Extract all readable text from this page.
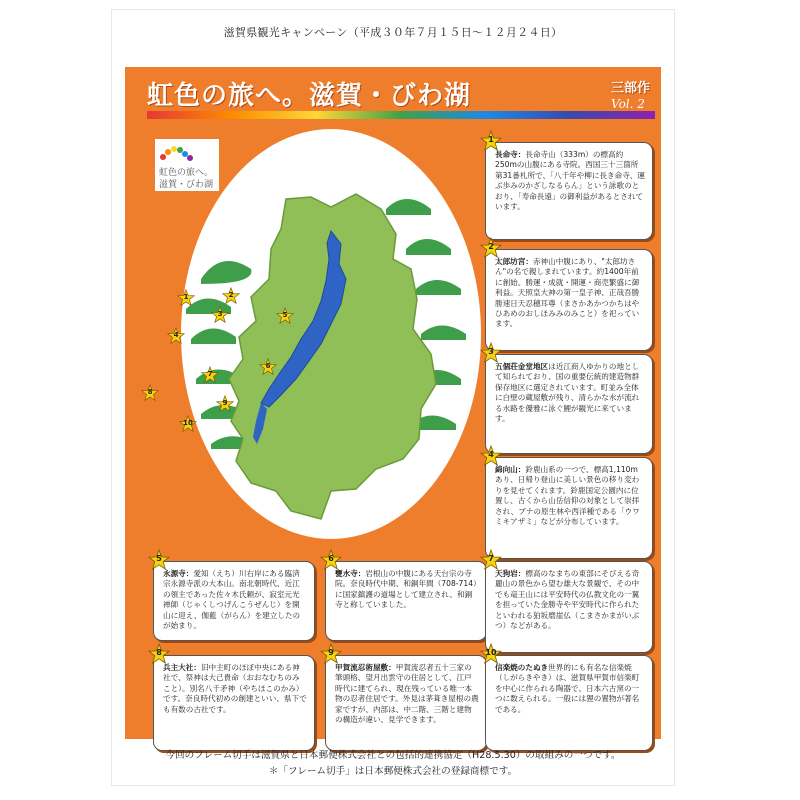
滋賀県観光キャンペーン（平成３０年７月１５日～１２月２４日）
虹色の旅へ。滋賀・びわ湖	三部作
Vol. 2
虹色の旅へ。
滋賀・びわ湖
1	2
3
4
5
6
7
8
9
10
長命寺：長命寺山（333m）の標高約250mの山腹にある寺院。西国三十三箇所第31番札所で、「八千年や柳に長き命寺、運ぶ歩みのかざしなるらん」という詠歌のとおり、「寿命長遠」の御利益があるとされています。
1
太郎坊宮：赤神山中腹にあり、"太郎坊さん"の名で親しまれています。約1400年前に創始。勝運・成就・開運・商売繁盛に御利益。天照皇大神の第一皇子神、正哉吾勝勝速日天忍穂耳尊（まさかあかつかちはやひあめのおしほみみのみこと）を祀っています。
2
五個荘金堂地区は近江商人ゆかりの地として知られており、国の重要伝統的建造物群保存地区に選定されています。町並み全体に白壁の蔵屋敷が残り、清らかな水が流れる水路を優雅に泳ぐ鯉が観光に来ています。
3
綿向山：鈴鹿山系の一つで、標高1,110mあり、日帰り登山に美しい景色の移り変わりを見せてくれます。鈴鹿国定公園内に位置し、古くから山岳信仰の対象として崇拝され、ブナの原生林や西洋種である「ウワミキアザミ」などが分布しています。
4
永源寺：愛知（えち）川右岸にある臨済宗永源寺派の大本山。南北朝時代、近江の領主であった佐々木氏頼が、寂室元光禅師（じゃくしつげんこうぜんじ）を開山に迎え、伽藍（がらん）を建立したのが始まり。
5
甕水寺：岩根山の中腹にある天台宗の寺院。奈良時代中期、和銅年間（708-714）に国家鎮護の道場として建立され、和銅寺と称していました。
6
天狗岩：標高のなまちの東部にそびえる奇麗山の景色から望む雄大な景観で、その中でも竜王山には平安時代の仏教文化の一翼を担っていた金勝寺や平安時代に作られたといわれる狛坂磨崖仏（こまさかまがいぶつ）などがある。
7
兵主大社：旧中主町のほぼ中央にある神社で、祭神は大己貴命（おおなむちのみこと）。別名八千矛神（やちほこのかみ）です。奈良時代初めの創建といい、県下でも有数の古社です。
8
甲賀流忍術屋敷：甲賀流忍者五十三家の筆頭格、望月出雲守の住居として、江戸時代に建てられ、現在残っている唯一本物の忍者住居です。外見は茅葺き屋根の農家ですが、内部は、中二階、三階と建物の構造が違い、見学できます。
9
信楽焼のたぬき世界的にも有名な信楽焼（しがらきやき）は、滋賀県甲賀市信楽町を中心に作られる陶器で、日本六古窯の一つに数えられる。一般には狸の置物が著名である。
10
今回のフレーム切手は滋賀県と日本郵便株式会社との包括的連携協定（H28.5.30）の取組みの一つです。
＊「フレーム切手」は日本郵便株式会社の登録商標です。
